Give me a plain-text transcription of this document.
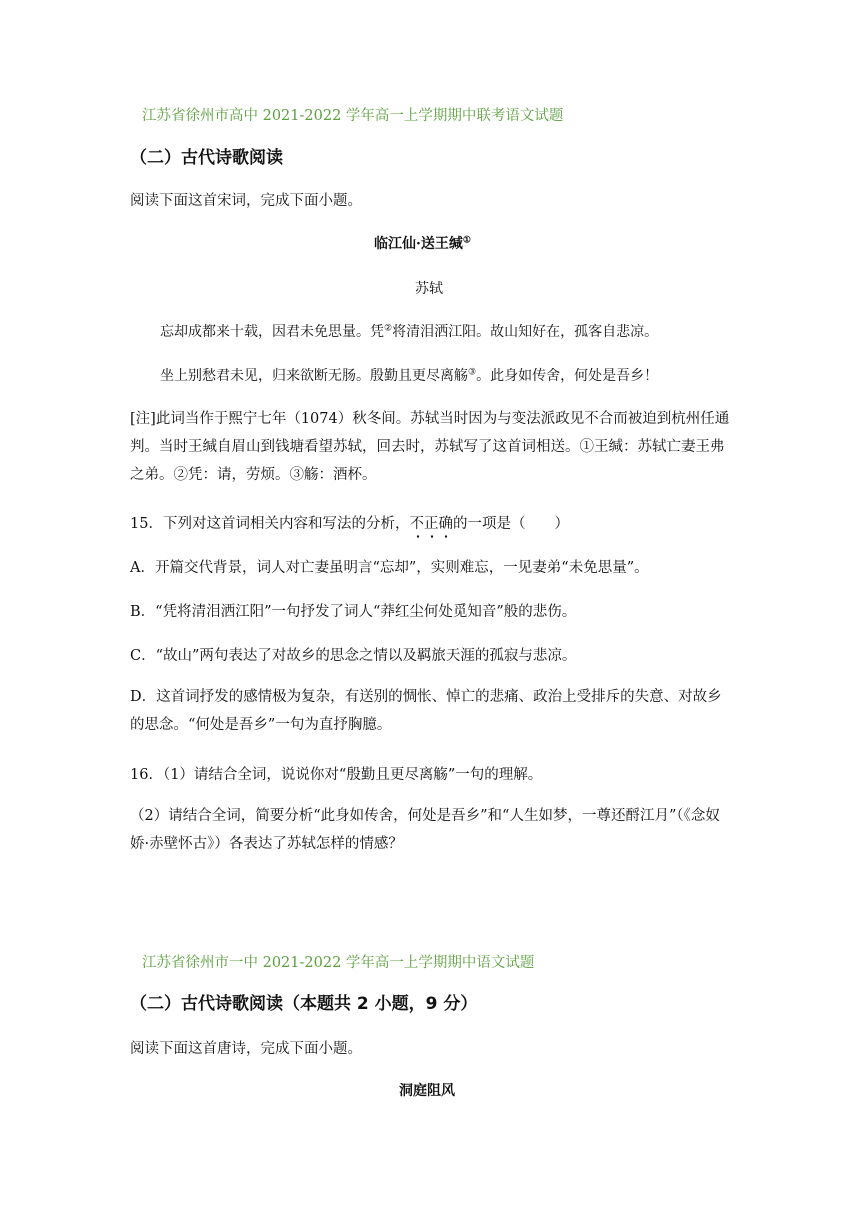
江苏省徐州市高中 2021-2022 学年高一上学期期中联考语文试题
（二）古代诗歌阅读
阅读下面这首宋词，完成下面小题。
临江仙·送王缄①
苏轼
忘却成都来十载，因君未免思量。凭②将清泪洒江阳。故山知好在，孤客自悲凉。
坐上别愁君未见，归来欲断无肠。殷勤且更尽离觞③。此身如传舍，何处是吾乡！
[注]此词当作于熙宁七年（1074）秋冬间。苏轼当时因为与变法派政见不合而被迫到杭州任通判。当时王缄自眉山到钱塘看望苏轼，回去时，苏轼写了这首词相送。①王缄：苏轼亡妻王弗之弟。②凭：请，劳烦。③觞：酒杯。
15．下列对这首词相关内容和写法的分析，不正确的一项是（　　）
A．开篇交代背景，词人对亡妻虽明言“忘却”，实则难忘，一见妻弟“未免思量”。
B．“凭将清泪洒江阳”一句抒发了词人“莽红尘何处觅知音”般的悲伤。
C．“故山”两句表达了对故乡的思念之情以及羁旅天涯的孤寂与悲凉。
D．这首词抒发的感情极为复杂，有送别的惆怅、悼亡的悲痛、政治上受排斥的失意、对故乡的思念。“何处是吾乡”一句为直抒胸臆。
16．（1）请结合全词，说说你对“殷勤且更尽离觞”一句的理解。
（2）请结合全词，简要分析“此身如传舍，何处是吾乡”和“人生如梦，一尊还酹江月”（《念奴娇·赤壁怀古》）各表达了苏轼怎样的情感？
江苏省徐州市一中 2021-2022 学年高一上学期期中语文试题
（二）古代诗歌阅读（本题共 2 小题，9 分）
阅读下面这首唐诗，完成下面小题。
洞庭阻风
